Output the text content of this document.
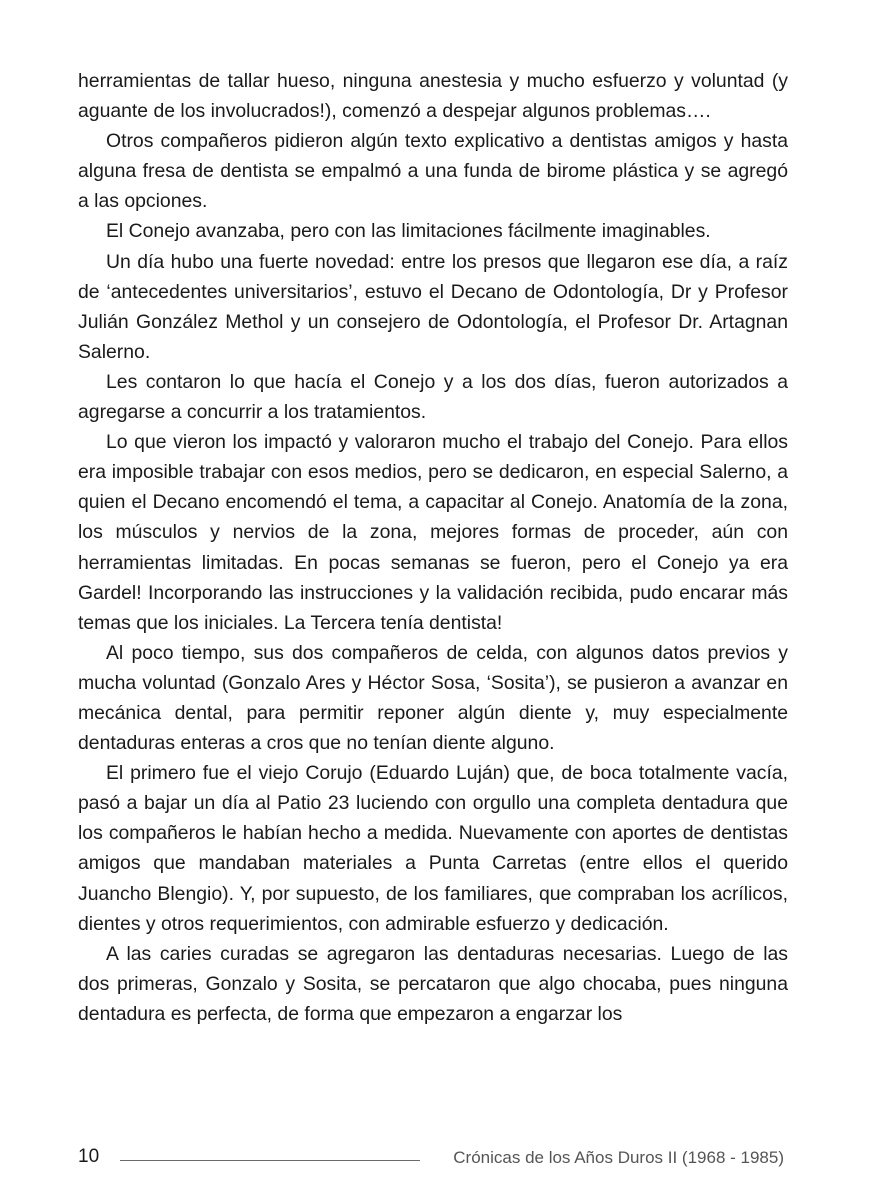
herramientas de tallar hueso, ninguna anestesia y mucho esfuerzo y voluntad (y aguante de los involucrados!), comenzó a despejar algunos problemas….

Otros compañeros pidieron algún texto explicativo a dentistas amigos y hasta alguna fresa de dentista se empalmó a una funda de birome plástica y se agregó a las opciones.

El Conejo avanzaba, pero con las limitaciones fácilmente imaginables.

Un día hubo una fuerte novedad: entre los presos que llegaron ese día, a raíz de ‘antecedentes universitarios’, estuvo el Decano de Odontología, Dr y Profesor Julián González Methol y un consejero de Odontología, el Profesor Dr. Artagnan Salerno.

Les contaron lo que hacía el Conejo y a los dos días, fueron autorizados a agregarse a concurrir a los tratamientos.

Lo que vieron los impactó y valoraron mucho el trabajo del Conejo. Para ellos era imposible trabajar con esos medios, pero se dedicaron, en especial Salerno, a quien el Decano encomendó el tema, a capacitar al Conejo. Anatomía de la zona, los músculos y nervios de la zona, mejores formas de proceder, aún con herramientas limitadas. En pocas semanas se fueron, pero el Conejo ya era Gardel! Incorporando las instrucciones y la validación recibida, pudo encarar más temas que los iniciales. La Tercera tenía dentista!

Al poco tiempo, sus dos compañeros de celda, con algunos datos previos y mucha voluntad (Gonzalo Ares y Héctor Sosa, ‘Sosita’), se pusieron a avanzar en mecánica dental, para permitir reponer algún diente y, muy especialmente dentaduras enteras a cros que no tenían diente alguno.

El primero fue el viejo Corujo (Eduardo Luján) que, de boca totalmente vacía, pasó a bajar un día al Patio 23 luciendo con orgullo una completa dentadura que los compañeros le habían hecho a medida. Nuevamente con aportes de dentistas amigos que mandaban materiales a Punta Carretas (entre ellos el querido Juancho Blengio). Y, por supuesto, de los familiares, que compraban los acrílicos, dientes y otros requerimientos, con admirable esfuerzo y dedicación.

A las caries curadas se agregaron las dentaduras necesarias. Luego de las dos primeras, Gonzalo y Sosita, se percataron que algo chocaba, pues ninguna dentadura es perfecta, de forma que empezaron a engarzar los

10	Crónicas de los Años Duros II (1968 - 1985)
